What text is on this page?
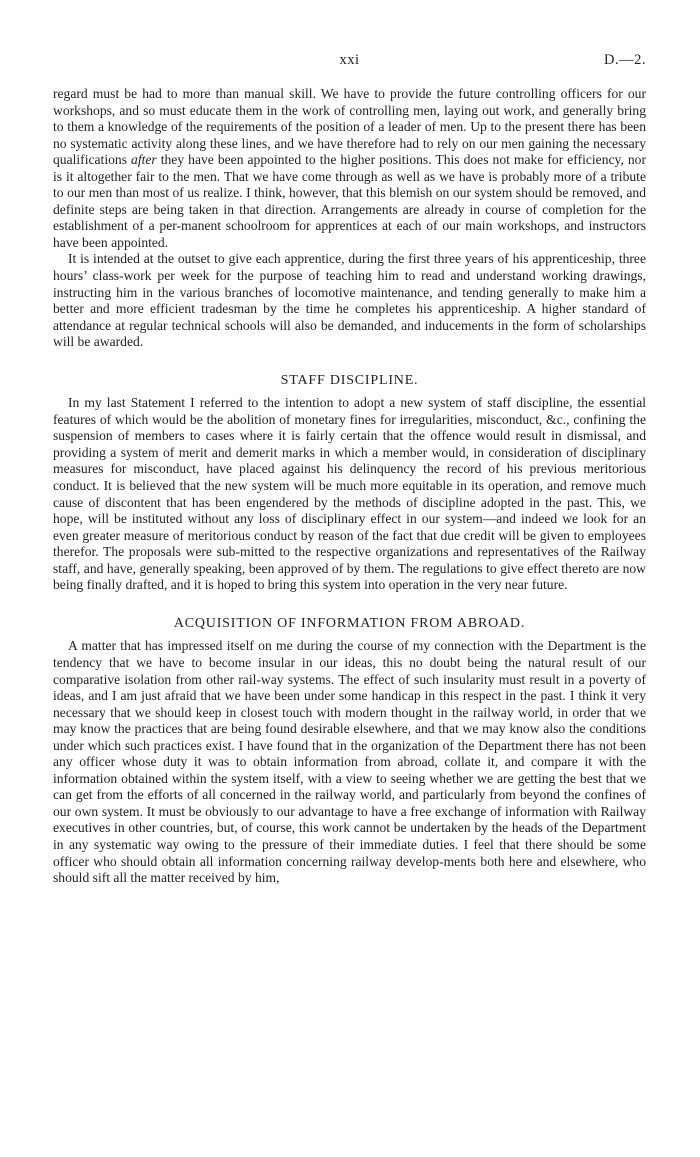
xxi	D.—2.

regard must be had to more than manual skill. We have to provide the future controlling officers for our workshops, and so must educate them in the work of controlling men, laying out work, and generally bring to them a knowledge of the requirements of the position of a leader of men. Up to the present there has been no systematic activity along these lines, and we have therefore had to rely on our men gaining the necessary qualifications after they have been appointed to the higher positions. This does not make for efficiency, nor is it altogether fair to the men. That we have come through as well as we have is probably more of a tribute to our men than most of us realize. I think, however, that this blemish on our system should be removed, and definite steps are being taken in that direction. Arrangements are already in course of completion for the establishment of a per-manent schoolroom for apprentices at each of our main workshops, and instructors have been appointed.

It is intended at the outset to give each apprentice, during the first three years of his apprenticeship, three hours’ class-work per week for the purpose of teaching him to read and understand working drawings, instructing him in the various branches of locomotive maintenance, and tending generally to make him a better and more efficient tradesman by the time he completes his apprenticeship. A higher standard of attendance at regular technical schools will also be demanded, and inducements in the form of scholarships will be awarded.

STAFF DISCIPLINE.

In my last Statement I referred to the intention to adopt a new system of staff discipline, the essential features of which would be the abolition of monetary fines for irregularities, misconduct, &c., confining the suspension of members to cases where it is fairly certain that the offence would result in dismissal, and providing a system of merit and demerit marks in which a member would, in consideration of disciplinary measures for misconduct, have placed against his delinquency the record of his previous meritorious conduct. It is believed that the new system will be much more equitable in its operation, and remove much cause of discontent that has been engendered by the methods of discipline adopted in the past. This, we hope, will be instituted without any loss of disciplinary effect in our system—and indeed we look for an even greater measure of meritorious conduct by reason of the fact that due credit will be given to employees therefor. The proposals were sub-mitted to the respective organizations and representatives of the Railway staff, and have, generally speaking, been approved of by them. The regulations to give effect thereto are now being finally drafted, and it is hoped to bring this system into operation in the very near future.

ACQUISITION OF INFORMATION FROM ABROAD.

A matter that has impressed itself on me during the course of my connection with the Department is the tendency that we have to become insular in our ideas, this no doubt being the natural result of our comparative isolation from other rail-way systems. The effect of such insularity must result in a poverty of ideas, and I am just afraid that we have been under some handicap in this respect in the past. I think it very necessary that we should keep in closest touch with modern thought in the railway world, in order that we may know the practices that are being found desirable elsewhere, and that we may know also the conditions under which such practices exist. I have found that in the organization of the Department there has not been any officer whose duty it was to obtain information from abroad, collate it, and compare it with the information obtained within the system itself, with a view to seeing whether we are getting the best that we can get from the efforts of all concerned in the railway world, and particularly from beyond the confines of our own system. It must be obviously to our advantage to have a free exchange of information with Railway executives in other countries, but, of course, this work cannot be undertaken by the heads of the Department in any systematic way owing to the pressure of their immediate duties. I feel that there should be some officer who should obtain all information concerning railway develop-ments both here and elsewhere, who should sift all the matter received by him,
